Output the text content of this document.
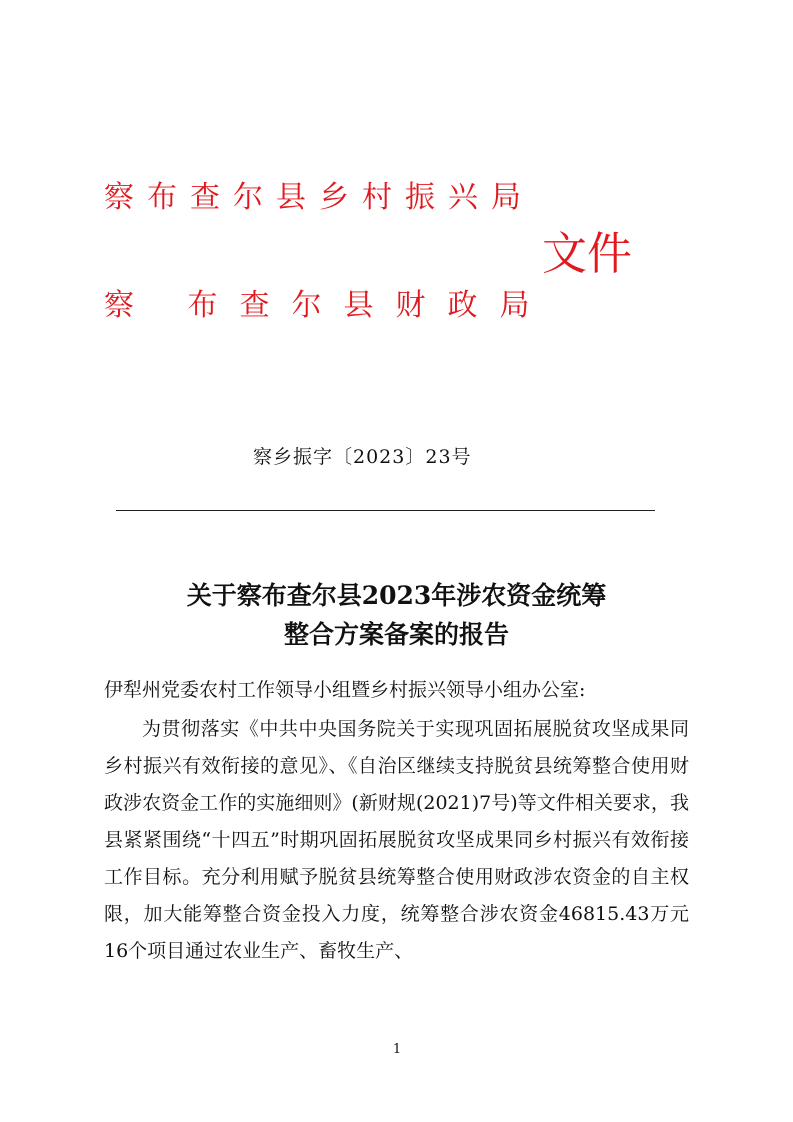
察布查尔县乡村振兴局
察 布查尔县财政局
文件
察乡振字〔2023〕23号
关于察布查尔县2023年涉农资金统筹
整合方案备案的报告
伊犁州党委农村工作领导小组暨乡村振兴领导小组办公室:

为贯彻落实《中共中央国务院关于实现巩固拓展脱贫攻坚成果同乡村振兴有效衔接的意见》、《自治区继续支持脱贫县统筹整合使用财政涉农资金工作的实施细则》(新财规(2021)7号)等文件相关要求，我县紧紧围绕“十四五”时期巩固拓展脱贫攻坚成果同乡村振兴有效衔接工作目标。充分利用赋予脱贫县统筹整合使用财政涉农资金的自主权限，加大能筹整合资金投入力度，统筹整合涉农资金46815.43万元16个项目通过农业生产、畜牧生产、

1
